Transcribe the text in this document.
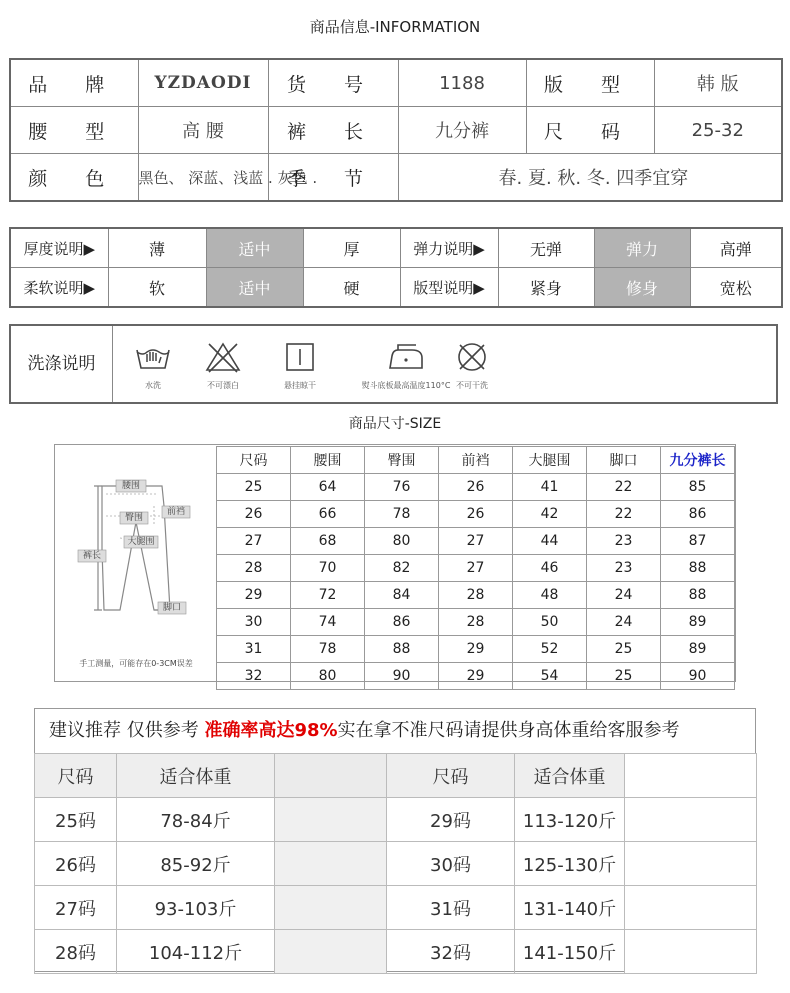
商品信息-INFORMATION
品 牌	YZDAODI	货 号	1188	版 型	韩 版
腰 型	高 腰	裤 长	九分裤	尺 码	25-32
颜 色	黑色、 深蓝、浅蓝 . 灰色 .	季 节	春. 夏. 秋. 冬. 四季宜穿		
厚度说明▶	薄	适中	厚	弹力说明▶	无弹	弹力	高弹
柔软说明▶	软	适中	硬	版型说明▶	紧身	修身	宽松
洗涤说明
水洗	不可漂白	悬挂晾干	熨斗底板最高温度110°C 不可干洗
商品尺寸-SIZE
腰围
臀围
前裆
大腿围
裤长
脚口
手工测量，可能存在0-3CM误差
尺码	腰围	臀围	前裆	大腿围	脚口	九分裤长
25	64	76	26	41	22	85
26	66	78	26	42	22	86
27	68	80	27	44	23	87
28	70	82	27	46	23	88
29	72	84	28	48	24	88
30	74	86	28	50	24	89
31	78	88	29	52	25	89
32	80	90	29	54	25	90
建议推荐 仅供参考 准确率高达98%实在拿不准尺码请提供身高体重给客服参考
尺码	适合体重		尺码	适合体重	
25码	78-84斤		29码	113-120斤	
26码	85-92斤		30码	125-130斤	
27码	93-103斤		31码	131-140斤	
28码	104-112斤		32码	141-150斤	
